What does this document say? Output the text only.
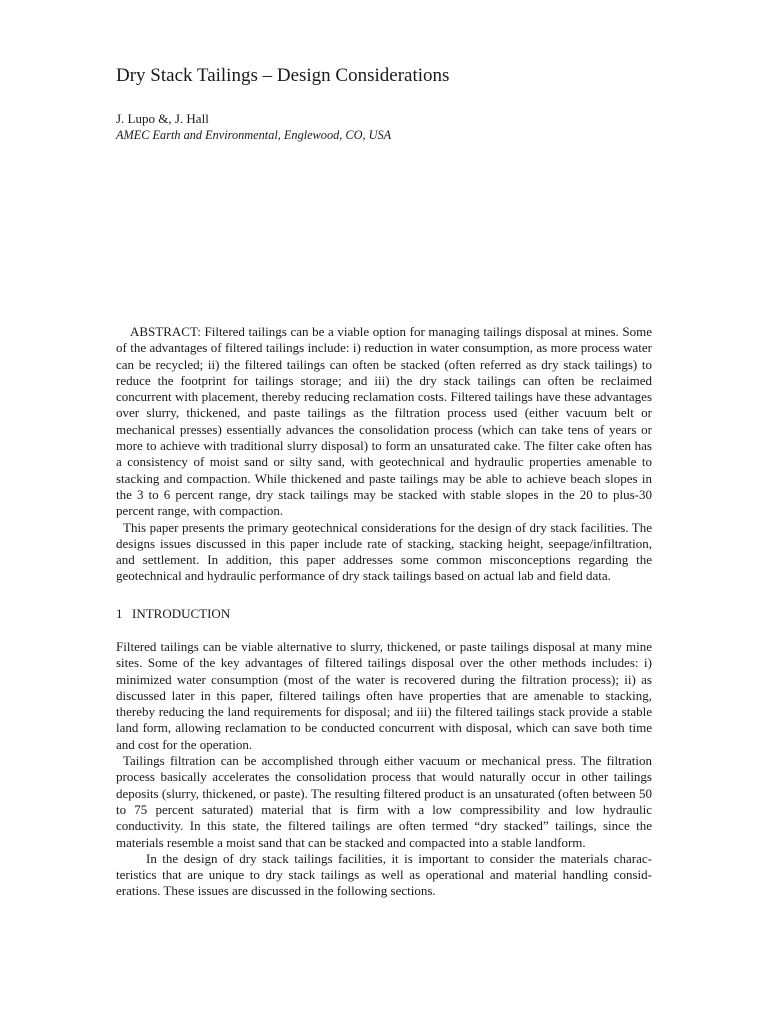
Dry Stack Tailings – Design Considerations
J. Lupo &, J. Hall
AMEC Earth and Environmental, Englewood, CO, USA

ABSTRACT: Filtered tailings can be a viable option for managing tailings disposal at mines. Some of the advantages of filtered tailings include: i) reduction in water consumption, as more process water can be recycled; ii) the filtered tailings can often be stacked (often referred as dry stack tailings) to reduce the footprint for tailings storage; and iii) the dry stack tailings can often be reclaimed concurrent with placement, thereby reducing reclamation costs. Filtered tailings have these advantages over slurry, thickened, and paste tailings as the filtration process used (either vacuum belt or mechanical presses) essentially advances the consolidation process (which can take tens of years or more to achieve with traditional slurry disposal) to form an unsaturated cake. The filter cake often has a consistency of moist sand or silty sand, with geotechnical and hydraulic properties amenable to stacking and compaction. While thickened and paste tailings may be able to achieve beach slopes in the 3 to 6 percent range, dry stack tailings may be stacked with stable slopes in the 20 to plus-30 percent range, with compaction.

This paper presents the primary geotechnical considerations for the design of dry stack facilities. The designs issues discussed in this paper include rate of stacking, stacking height, seepage/infiltration, and settlement. In addition, this paper addresses some common misconceptions regarding the geotechnical and hydraulic performance of dry stack tailings based on actual lab and field data.

1 INTRODUCTION

Filtered tailings can be viable alternative to slurry, thickened, or paste tailings disposal at many mine sites. Some of the key advantages of filtered tailings disposal over the other methods includes: i) minimized water consumption (most of the water is recovered during the filtration process); ii) as discussed later in this paper, filtered tailings often have properties that are amenable to stacking, thereby reducing the land requirements for disposal; and iii) the filtered tailings stack provide a stable land form, allowing reclamation to be conducted concurrent with disposal, which can save both time and cost for the operation.

Tailings filtration can be accomplished through either vacuum or mechanical press. The filtration process basically accelerates the consolidation process that would naturally occur in other tailings deposits (slurry, thickened, or paste). The resulting filtered product is an unsaturated (often between 50 to 75 percent saturated) material that is firm with a low compressibility and low hydraulic conductivity. In this state, the filtered tailings are often termed “dry stacked” tailings, since the materials resemble a moist sand that can be stacked and compacted into a stable landform.

In the design of dry stack tailings facilities, it is important to consider the materials characteristics that are unique to dry stack tailings as well as operational and material handling considerations. These issues are discussed in the following sections.
